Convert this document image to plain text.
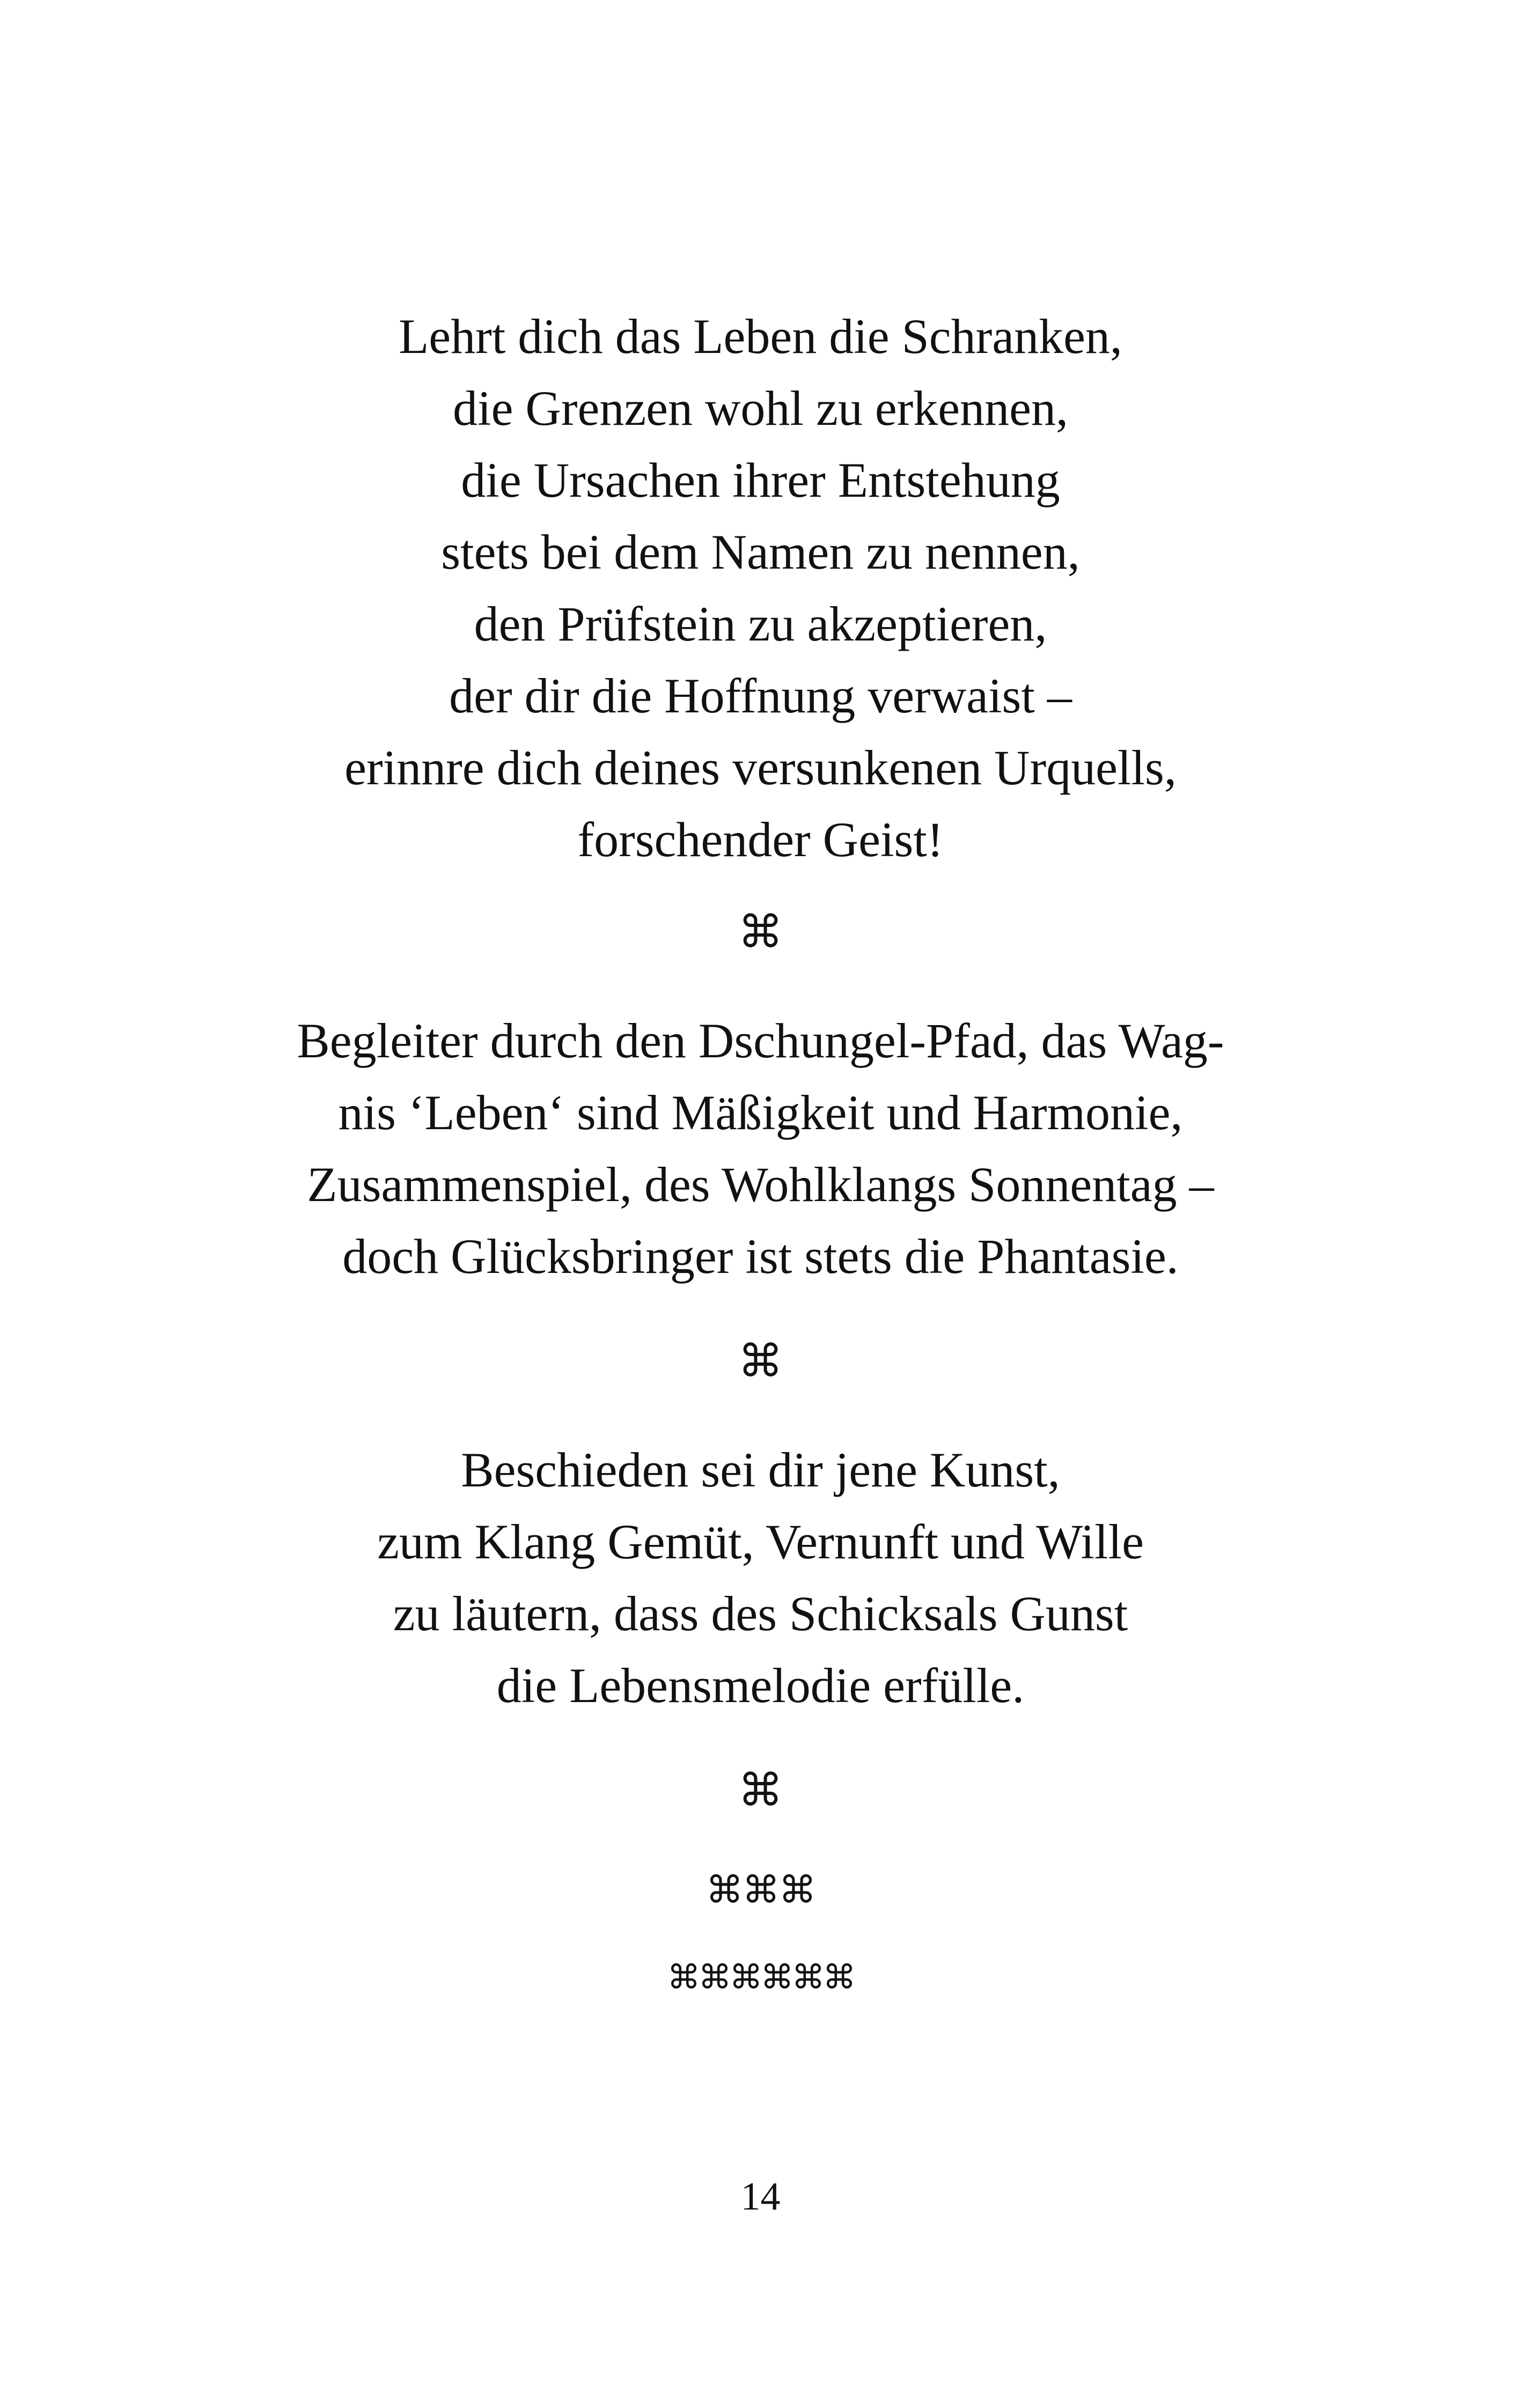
Lehrt dich das Leben die Schranken,
die Grenzen wohl zu erkennen,
die Ursachen ihrer Entstehung
stets bei dem Namen zu nennen,
den Prüfstein zu akzeptieren,
der dir die Hoffnung verwaist –
erinnre dich deines versunkenen Urquells,
forschender Geist!
⌘
Begleiter durch den Dschungel-Pfad, das Wag-
nis ‘Leben‘ sind Mäßigkeit und Harmonie,
Zusammenspiel, des Wohlklangs Sonnentag –
doch Glücksbringer ist stets die Phantasie.
⌘
Beschieden sei dir jene Kunst,
zum Klang Gemüt, Vernunft und Wille
zu läutern, dass des Schicksals Gunst
die Lebensmelodie erfülle.
⌘
⌘⌘⌘
⌘⌘⌘⌘⌘⌘
14
